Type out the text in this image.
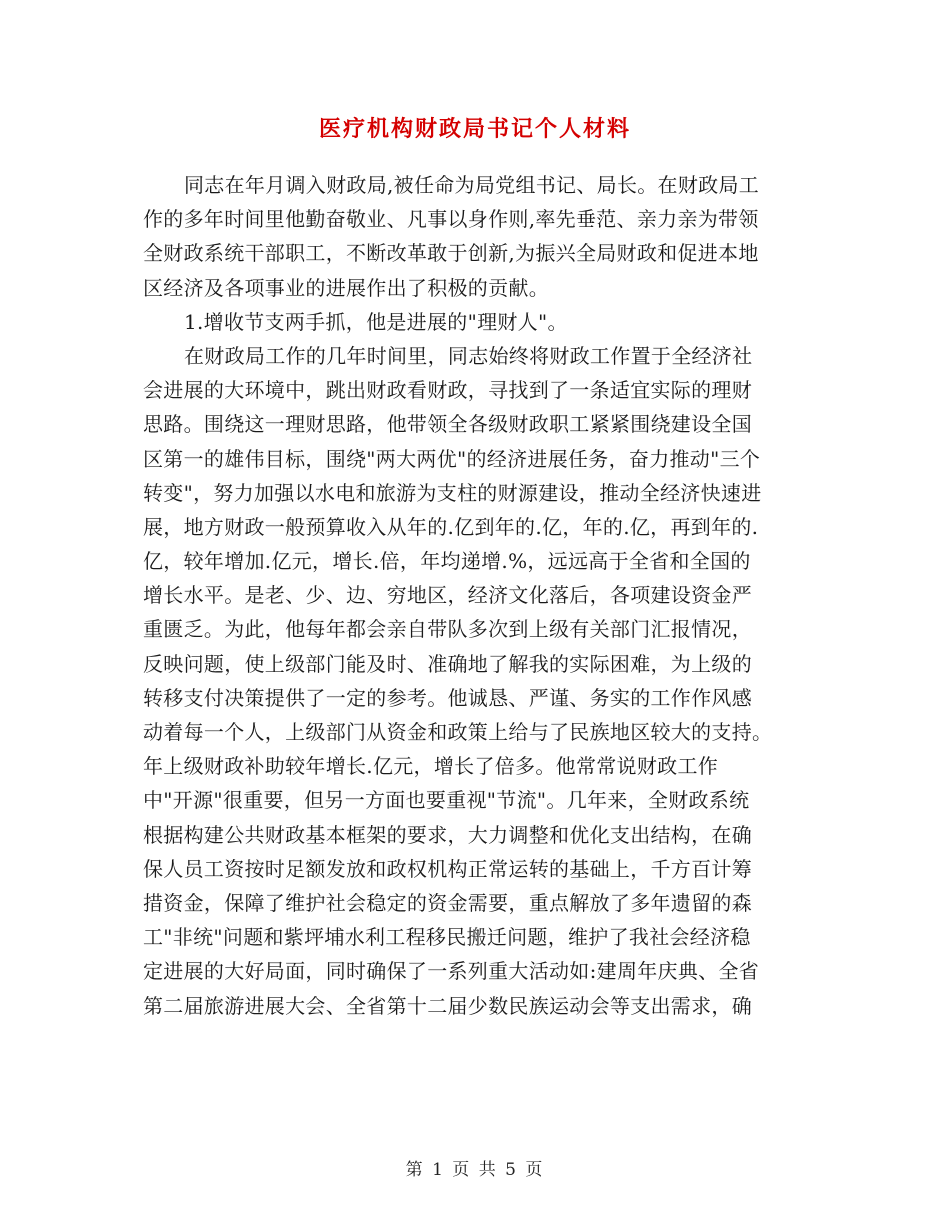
医疗机构财政局书记个人材料
同志在年月调入财政局,被任命为局党组书记、局长。在财政局工
作的多年时间里他勤奋敬业、凡事以身作则,率先垂范、亲力亲为带领
全财政系统干部职工，不断改革敢于创新,为振兴全局财政和促进本地
区经济及各项事业的进展作出了积极的贡献。
1.增收节支两手抓，他是进展的"理财人"。
在财政局工作的几年时间里，同志始终将财政工作置于全经济社
会进展的大环境中，跳出财政看财政，寻找到了一条适宜实际的理财
思路。围绕这一理财思路，他带领全各级财政职工紧紧围绕建设全国
区第一的雄伟目标，围绕"两大两优"的经济进展任务，奋力推动"三个
转变"，努力加强以水电和旅游为支柱的财源建设，推动全经济快速进
展，地方财政一般预算收入从年的.亿到年的.亿，年的.亿，再到年的.
亿，较年增加.亿元，增长.倍，年均递增.%，远远高于全省和全国的
增长水平。是老、少、边、穷地区，经济文化落后，各项建设资金严
重匮乏。为此，他每年都会亲自带队多次到上级有关部门汇报情况，
反映问题，使上级部门能及时、准确地了解我的实际困难，为上级的
转移支付决策提供了一定的参考。他诚恳、严谨、务实的工作作风感
动着每一个人，上级部门从资金和政策上给与了民族地区较大的支持。
年上级财政补助较年增长.亿元，增长了倍多。他常常说财政工作
中"开源"很重要，但另一方面也要重视"节流"。几年来，全财政系统
根据构建公共财政基本框架的要求，大力调整和优化支出结构，在确
保人员工资按时足额发放和政权机构正常运转的基础上，千方百计筹
措资金，保障了维护社会稳定的资金需要，重点解放了多年遗留的森
工"非统"问题和紫坪埔水利工程移民搬迁问题，维护了我社会经济稳
定进展的大好局面，同时确保了一系列重大活动如:建周年庆典、全省
第二届旅游进展大会、全省第十二届少数民族运动会等支出需求，确
第 1 页 共 5 页
